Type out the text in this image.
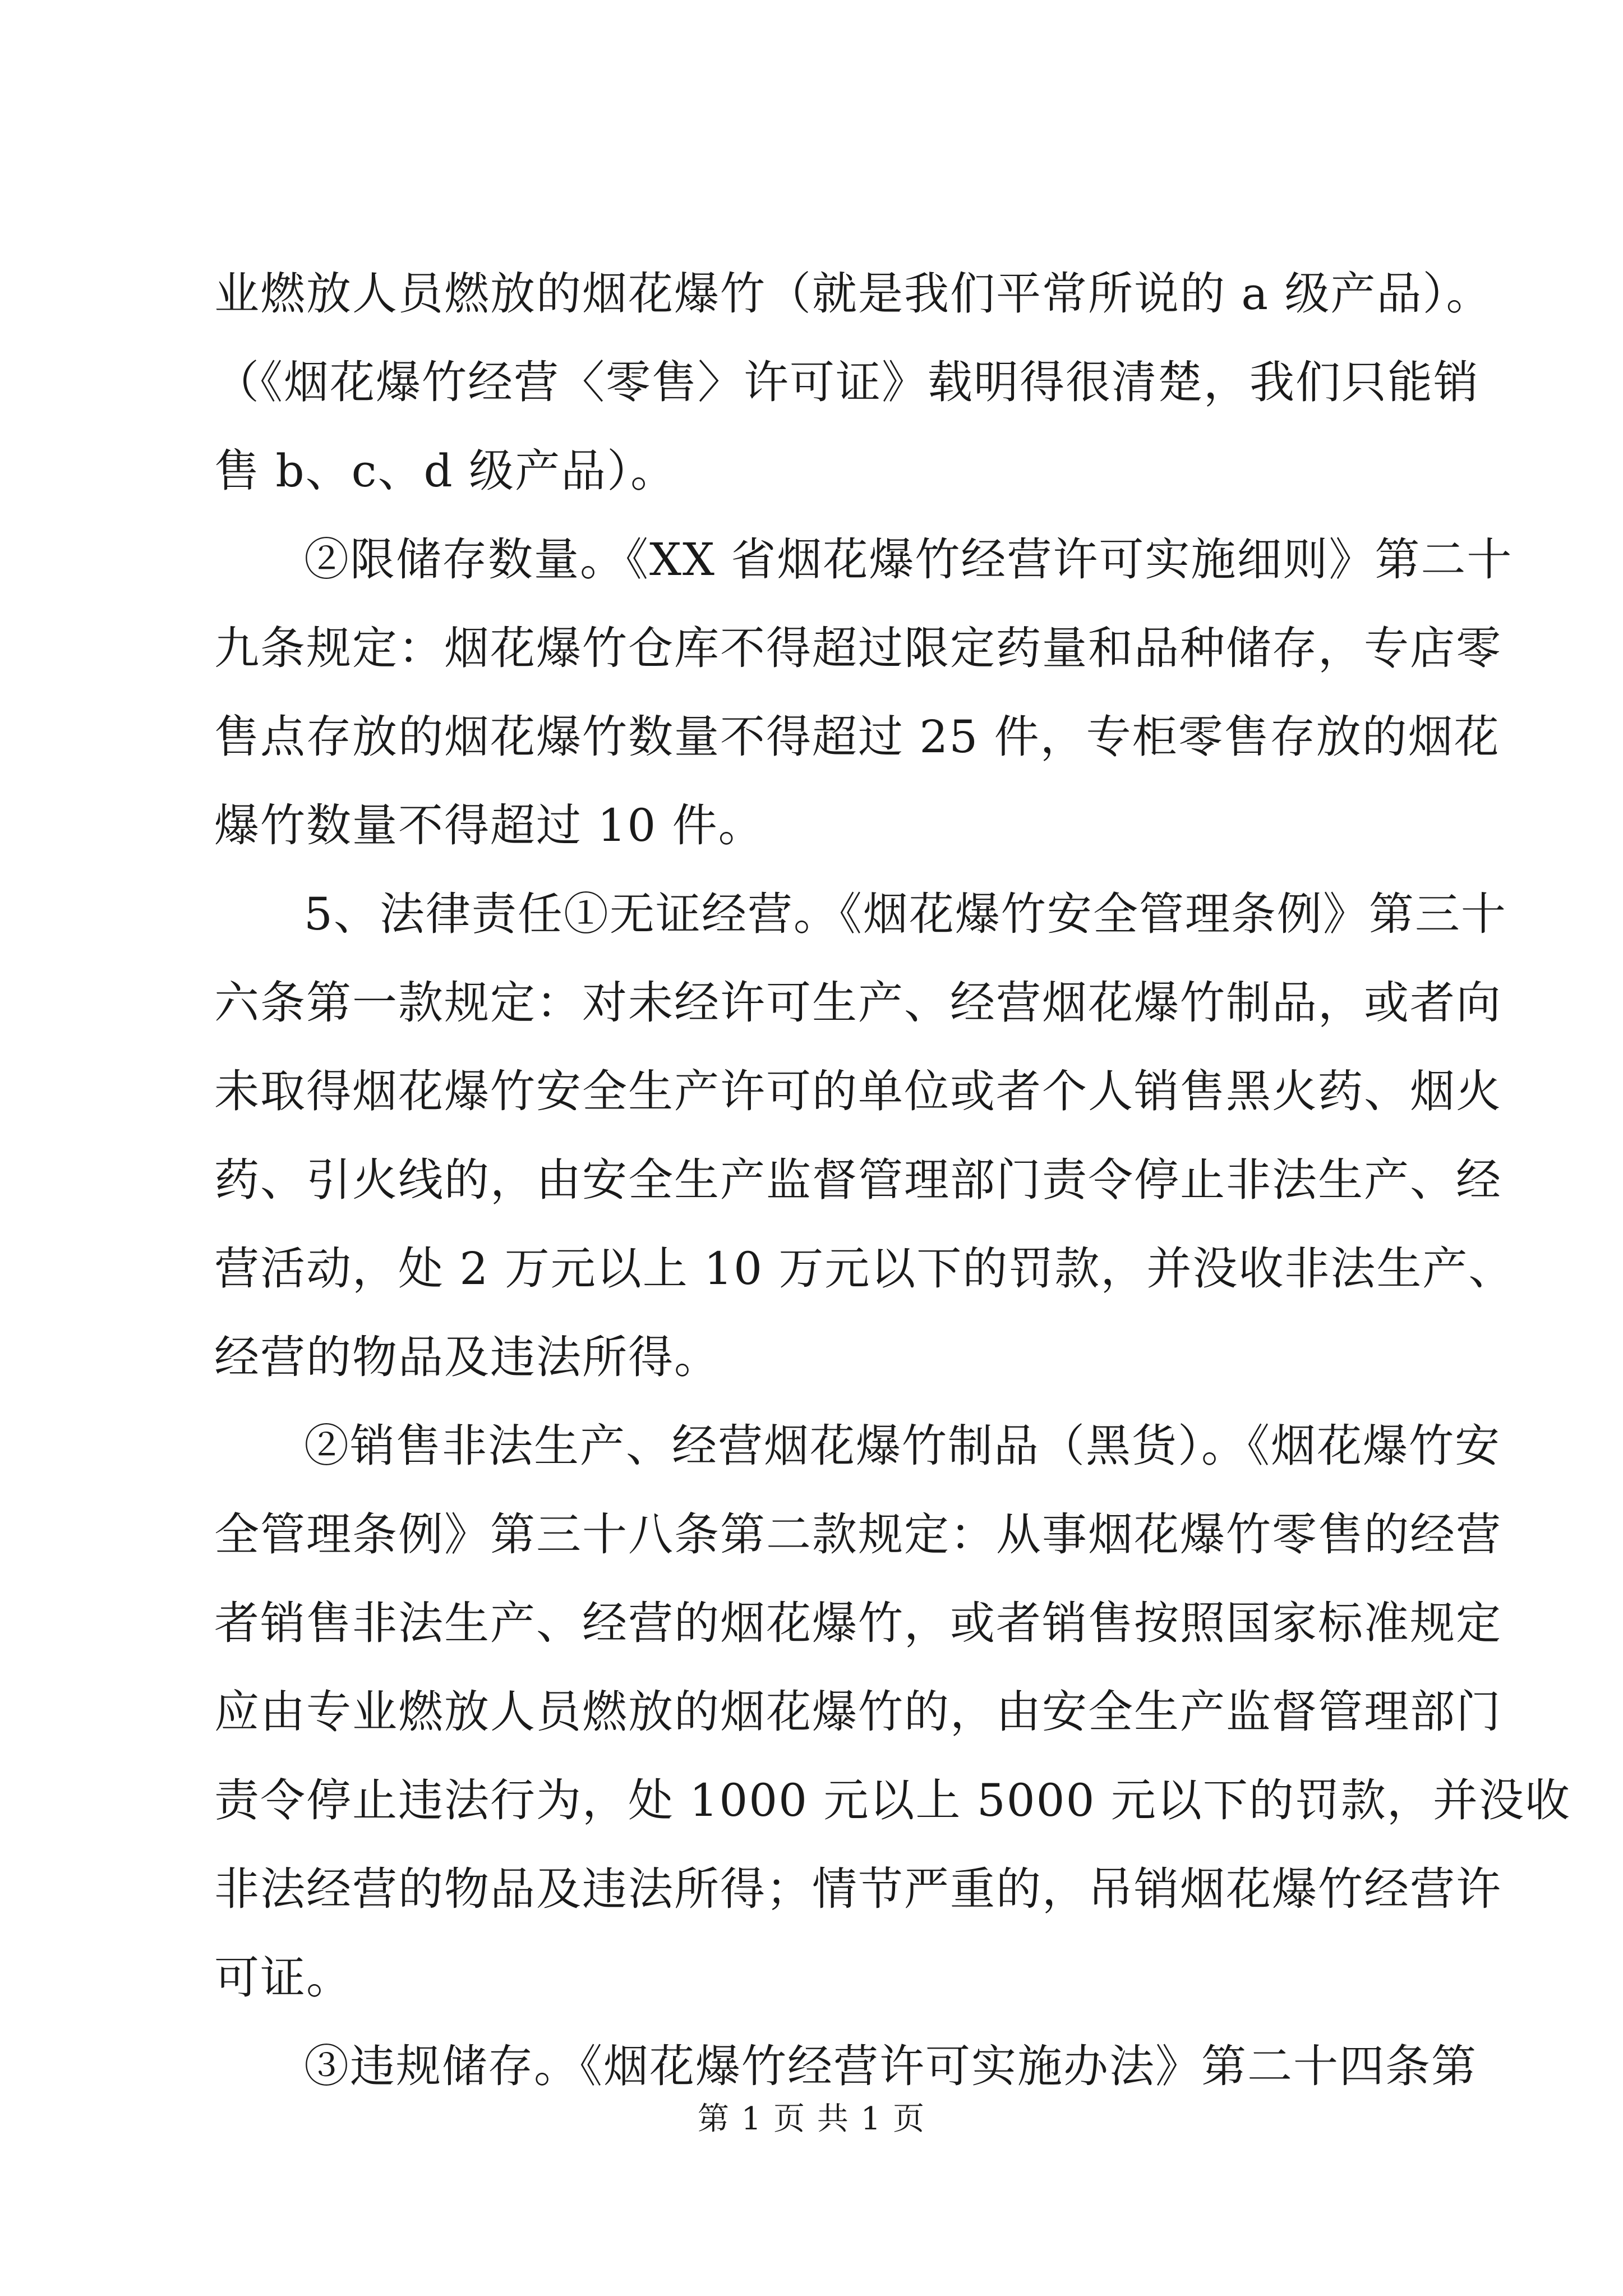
业燃放人员燃放的烟花爆竹（就是我们平常所说的 a 级产品）。
（《烟花爆竹经营〈零售〉许可证》载明得很清楚，我们只能销
售 b、c、d 级产品）。
②限储存数量。《XX 省烟花爆竹经营许可实施细则》第二十
九条规定：烟花爆竹仓库不得超过限定药量和品种储存，专店零
售点存放的烟花爆竹数量不得超过 25 件，专柜零售存放的烟花
爆竹数量不得超过 10 件。
5、法律责任①无证经营。《烟花爆竹安全管理条例》第三十
六条第一款规定：对未经许可生产、经营烟花爆竹制品，或者向
未取得烟花爆竹安全生产许可的单位或者个人销售黑火药、烟火
药、引火线的，由安全生产监督管理部门责令停止非法生产、经
营活动，处 2 万元以上 10 万元以下的罚款，并没收非法生产、
经营的物品及违法所得。
②销售非法生产、经营烟花爆竹制品（黑货）。《烟花爆竹安
全管理条例》第三十八条第二款规定：从事烟花爆竹零售的经营
者销售非法生产、经营的烟花爆竹，或者销售按照国家标准规定
应由专业燃放人员燃放的烟花爆竹的，由安全生产监督管理部门
责令停止违法行为，处 1000 元以上 5000 元以下的罚款，并没收
非法经营的物品及违法所得；情节严重的，吊销烟花爆竹经营许
可证。
③违规储存。《烟花爆竹经营许可实施办法》第二十四条第
第 1 页 共 1 页
